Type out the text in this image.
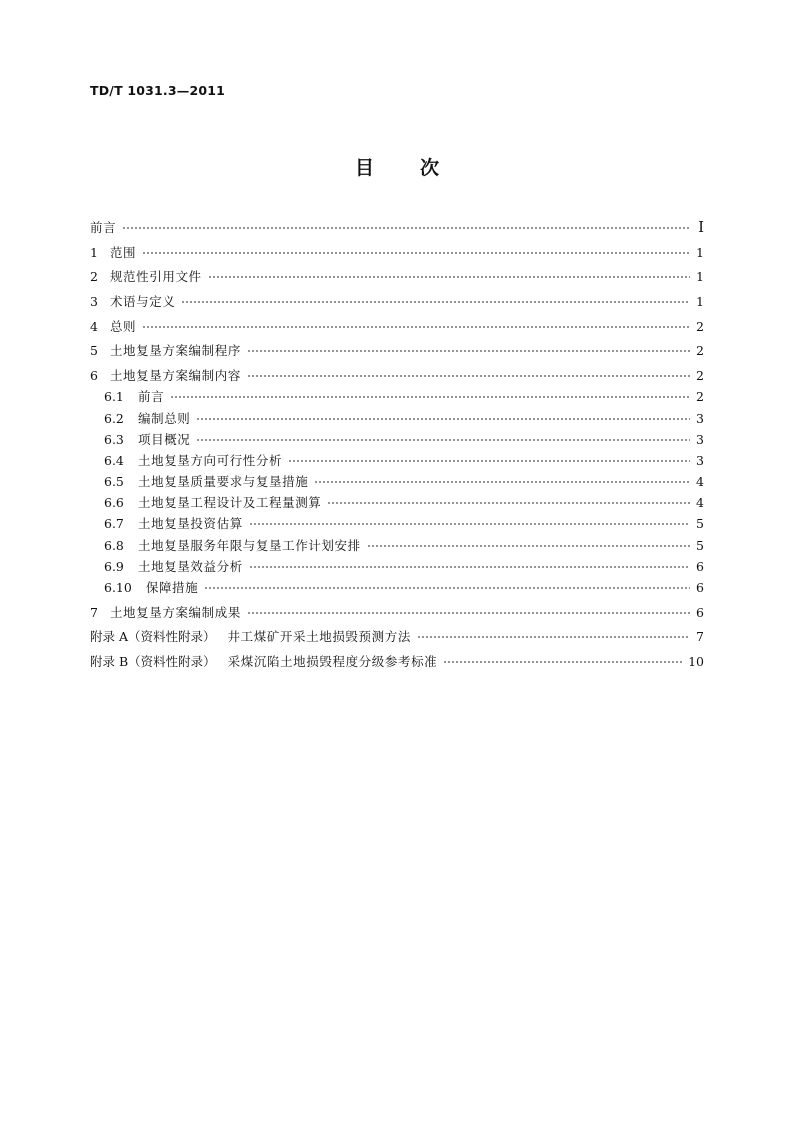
TD/T 1031.3—2011
目 次
前言	I
1 范围	1
2 规范性引用文件	1
3 术语与定义	1
4 总则	2
5 土地复垦方案编制程序	2
6 土地复垦方案编制内容	2
6.1 前言	2
6.2 编制总则	3
6.3 项目概况	3
6.4 土地复垦方向可行性分析	3
6.5 土地复垦质量要求与复垦措施	4
6.6 土地复垦工程设计及工程量测算	4
6.7 土地复垦投资估算	5
6.8 土地复垦服务年限与复垦工作计划安排	5
6.9 土地复垦效益分析	6
6.10 保障措施	6
7 土地复垦方案编制成果	6
附录 A（资料性附录） 井工煤矿开采土地损毁预测方法	7
附录 B（资料性附录） 采煤沉陷土地损毁程度分级参考标准	10
